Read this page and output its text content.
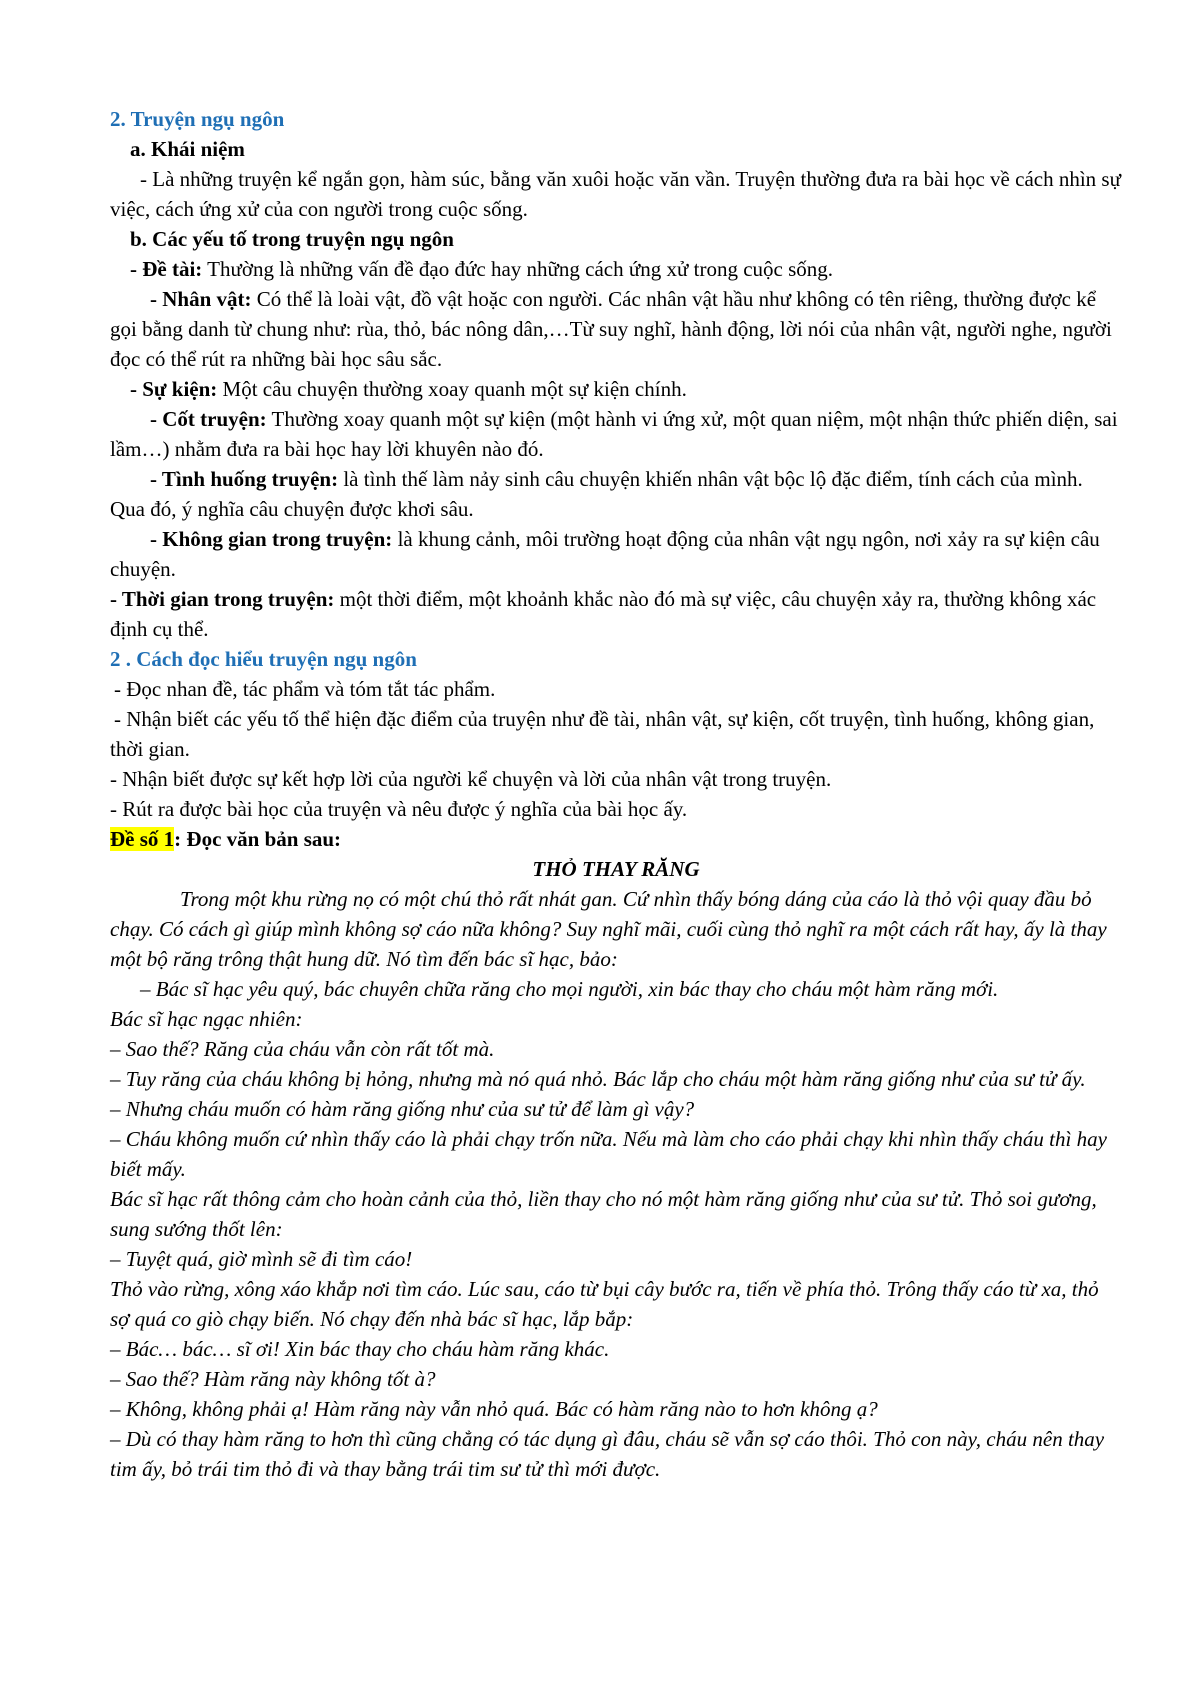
2. Truyện ngụ ngôn

a. Khái niệm

- Là những truyện kể ngắn gọn, hàm súc, bằng văn xuôi hoặc văn vần. Truyện thường đưa ra bài học về cách nhìn sự việc, cách ứng xử của con người trong cuộc sống.

b. Các yếu tố trong truyện ngụ ngôn

- Đề tài: Thường là những vấn đề đạo đức hay những cách ứng xử trong cuộc sống.

- Nhân vật: Có thể là loài vật, đồ vật hoặc con người. Các nhân vật hầu như không có tên riêng, thường được kể gọi bằng danh từ chung như: rùa, thỏ, bác nông dân,…Từ suy nghĩ, hành động, lời nói của nhân vật, người nghe, người đọc có thể rút ra những bài học sâu sắc.

- Sự kiện: Một câu chuyện thường xoay quanh một sự kiện chính.

- Cốt truyện: Thường xoay quanh một sự kiện (một hành vi ứng xử, một quan niệm, một nhận thức phiến diện, sai lầm…) nhằm đưa ra bài học hay lời khuyên nào đó.

- Tình huống truyện: là tình thế làm nảy sinh câu chuyện khiến nhân vật bộc lộ đặc điểm, tính cách của mình. Qua đó, ý nghĩa câu chuyện được khơi sâu.

- Không gian trong truyện: là khung cảnh, môi trường hoạt động của nhân vật ngụ ngôn, nơi xảy ra sự kiện câu chuyện.

- Thời gian trong truyện: một thời điểm, một khoảnh khắc nào đó mà sự việc, câu chuyện xảy ra, thường không xác định cụ thể.

2 . Cách đọc hiểu truyện ngụ ngôn

- Đọc nhan đề, tác phẩm và tóm tắt tác phẩm.

- Nhận biết các yếu tố thể hiện đặc điểm của truyện như đề tài, nhân vật, sự kiện, cốt truyện, tình huống, không gian, thời gian.

- Nhận biết được sự kết hợp lời của người kể chuyện và lời của nhân vật trong truyện.

- Rút ra được bài học của truyện và nêu được ý nghĩa của bài học ấy.

Đề số 1: Đọc văn bản sau:

THỎ THAY RĂNG

Trong một khu rừng nọ có một chú thỏ rất nhát gan. Cứ nhìn thấy bóng dáng của cáo là thỏ vội quay đầu bỏ chạy. Có cách gì giúp mình không sợ cáo nữa không? Suy nghĩ mãi, cuối cùng thỏ nghĩ ra một cách rất hay, ấy là thay một bộ răng trông thật hung dữ. Nó tìm đến bác sĩ hạc, bảo:

– Bác sĩ hạc yêu quý, bác chuyên chữa răng cho mọi người, xin bác thay cho cháu một hàm răng mới.

Bác sĩ hạc ngạc nhiên:

– Sao thế? Răng của cháu vẫn còn rất tốt mà.

– Tuy răng của cháu không bị hỏng, nhưng mà nó quá nhỏ. Bác lắp cho cháu một hàm răng giống như của sư tử ấy.

– Nhưng cháu muốn có hàm răng giống như của sư tử để làm gì vậy?

– Cháu không muốn cứ nhìn thấy cáo là phải chạy trốn nữa. Nếu mà làm cho cáo phải chạy khi nhìn thấy cháu thì hay biết mấy.

Bác sĩ hạc rất thông cảm cho hoàn cảnh của thỏ, liền thay cho nó một hàm răng giống như của sư tử. Thỏ soi gương, sung sướng thốt lên:

– Tuyệt quá, giờ mình sẽ đi tìm cáo!

Thỏ vào rừng, xông xáo khắp nơi tìm cáo. Lúc sau, cáo từ bụi cây bước ra, tiến về phía thỏ. Trông thấy cáo từ xa, thỏ sợ quá co giò chạy biến. Nó chạy đến nhà bác sĩ hạc, lắp bắp:

– Bác… bác… sĩ ơi! Xin bác thay cho cháu hàm răng khác.

– Sao thế? Hàm răng này không tốt à?

– Không, không phải ạ! Hàm răng này vẫn nhỏ quá. Bác có hàm răng nào to hơn không ạ?

– Dù có thay hàm răng to hơn thì cũng chẳng có tác dụng gì đâu, cháu sẽ vẫn sợ cáo thôi. Thỏ con này, cháu nên thay tim ấy, bỏ trái tim thỏ đi và thay bằng trái tim sư tử thì mới được.
